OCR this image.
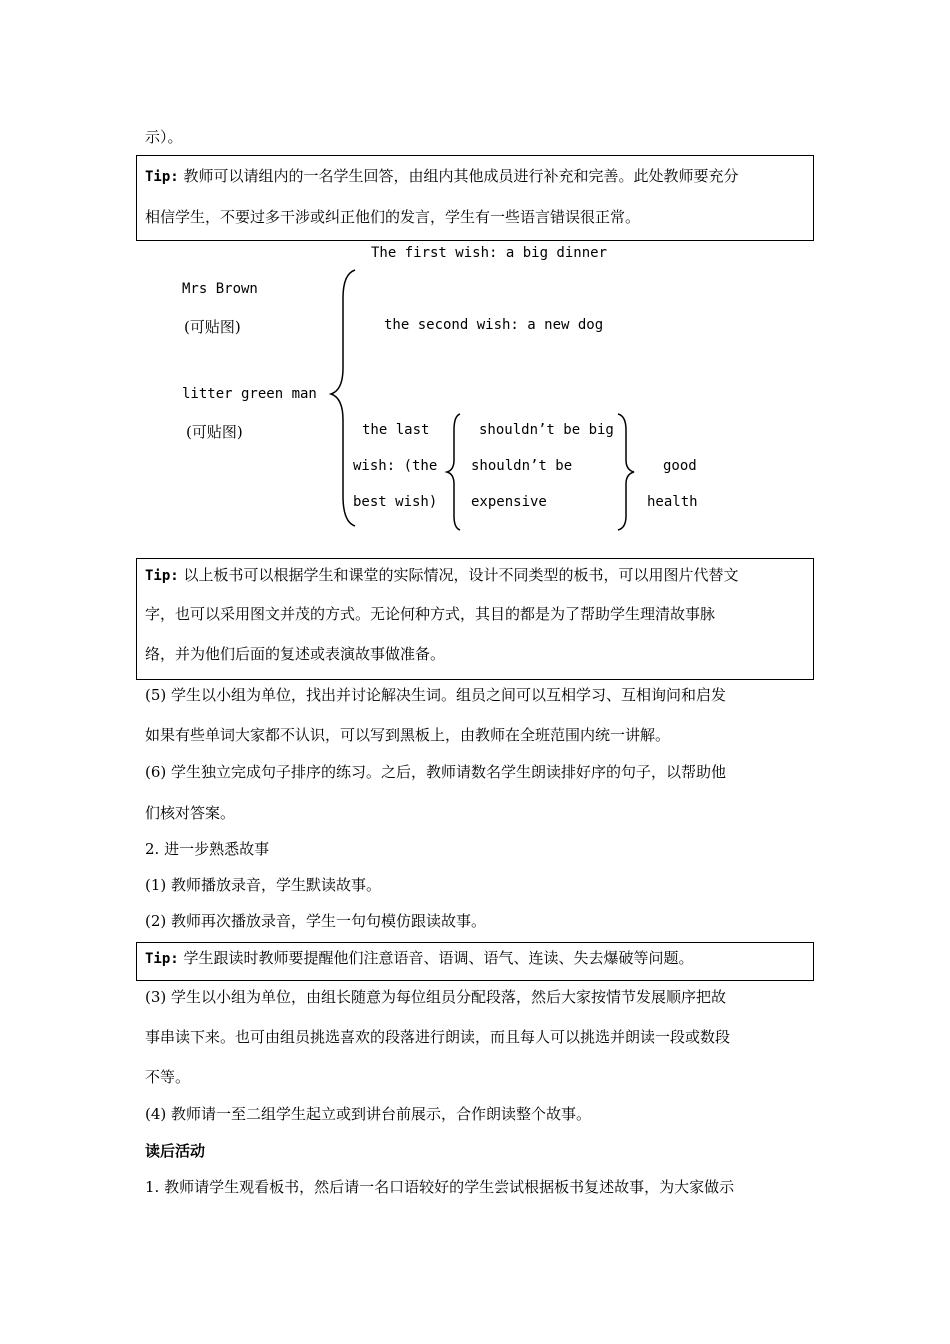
示）。
Tip: 教师可以请组内的一名学生回答，由组内其他成员进行补充和完善。此处教师要充分
相信学生，不要过多干涉或纠正他们的发言，学生有一些语言错误很正常。
The first wish: a big dinner
Mrs Brown
(可贴图)	the second wish: a new dog
litter green man
(可贴图)	the last
wish: (the
best wish)
shouldn’t be big
shouldn’t be
expensive
good
health
Tip: 以上板书可以根据学生和课堂的实际情况，设计不同类型的板书，可以用图片代替文
字，也可以采用图文并茂的方式。无论何种方式，其目的都是为了帮助学生理清故事脉
络，并为他们后面的复述或表演故事做准备。
(5) 学生以小组为单位，找出并讨论解决生词。组员之间可以互相学习、互相询问和启发
如果有些单词大家都不认识，可以写到黑板上，由教师在全班范围内统一讲解。
(6) 学生独立完成句子排序的练习。之后，教师请数名学生朗读排好序的句子，以帮助他
们核对答案。
2. 进一步熟悉故事
(1) 教师播放录音，学生默读故事。
(2) 教师再次播放录音，学生一句句模仿跟读故事。
Tip: 学生跟读时教师要提醒他们注意语音、语调、语气、连读、失去爆破等问题。
(3) 学生以小组为单位，由组长随意为每位组员分配段落，然后大家按情节发展顺序把故
事串读下来。也可由组员挑选喜欢的段落进行朗读，而且每人可以挑选并朗读一段或数段
不等。
(4) 教师请一至二组学生起立或到讲台前展示，合作朗读整个故事。
读后活动
1. 教师请学生观看板书，然后请一名口语较好的学生尝试根据板书复述故事，为大家做示
